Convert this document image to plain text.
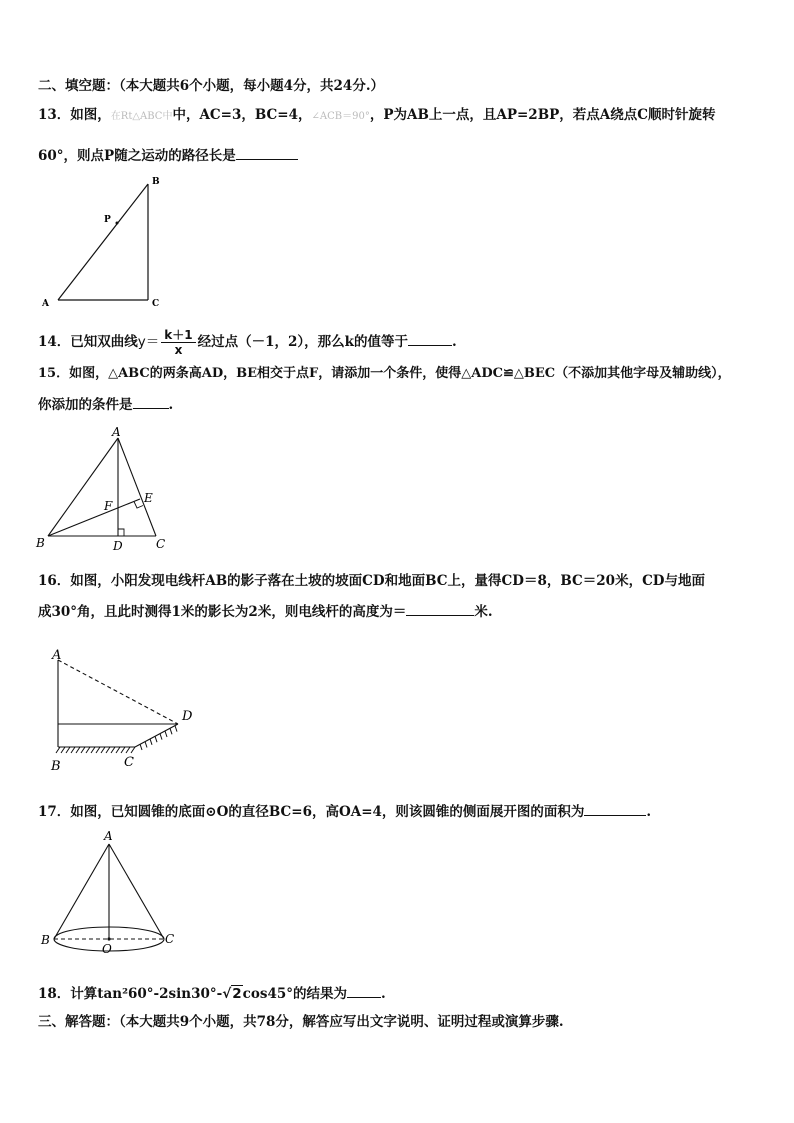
二、填空题：（本大题共6个小题，每小题4分，共24分.）
13．如图，在Rt△ABC中中，AC=3，BC=4，∠ACB＝90°，P为AB上一点，且AP=2BP，若点A绕点C顺时针旋转
60°，则点P随之运动的路径长是
B
P
A	C
14．已知双曲线$y= \frac{k+1}{x}$ 经过点（－1，2），那么k的值等于	.
15．如图，△ABC的两条高AD，BE相交于点F，请添加一个条件，使得△ADC≌△BEC（不添加其他字母及辅助线），
你添加的条件是	.
A
E
F
B	D	C
16．如图，小阳发现电线杆AB的影子落在土坡的坡面CD和地面BC上，量得CD＝8，BC＝20米，CD与地面
成30°角，且此时测得1米的影长为2米，则电线杆的高度为＝	米.
A
D
B	C
17．如图，已知圆锥的底面⊙O的直径BC=6，高OA=4，则该圆锥的侧面展开图的面积为	.
A
B	C
O
18．计算tan²60°-2sin30°-√2cos45°的结果为	.
三、解答题：（本大题共9个小题，共78分，解答应写出文字说明、证明过程或演算步骤.
